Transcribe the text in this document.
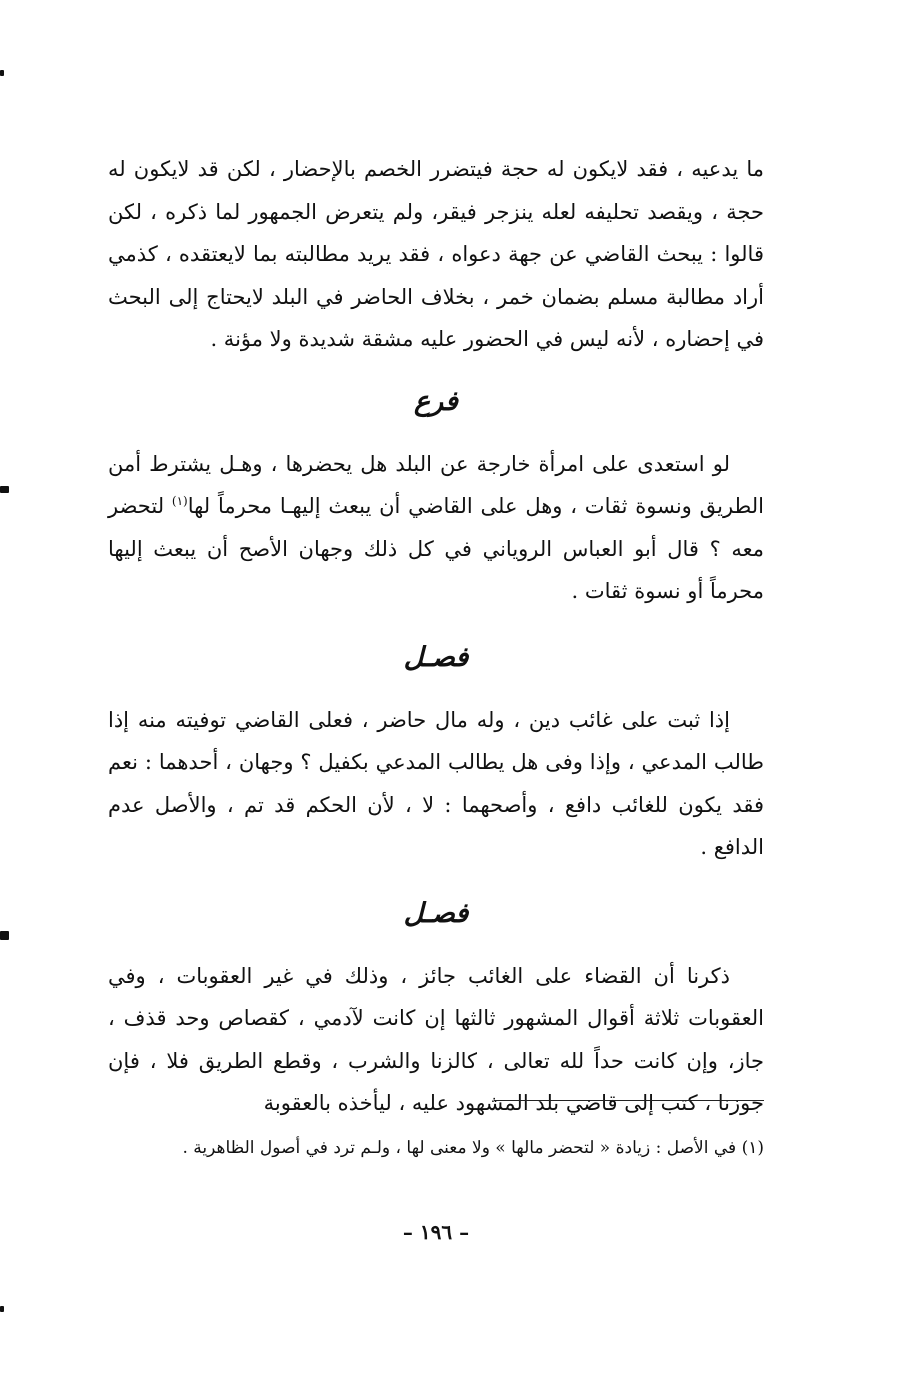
ما يدعيه ، فقد لايكون له حجة فيتضرر الخصم بالإحضار ، لكن قد لايكون له حجة ، ويقصد تحليفه لعله ينزجر فيقر، ولم يتعرض الجمهور لما ذكره ، لكن قالوا : يبحث القاضي عن جهة دعواه ، فقد يريد مطالبته بما لايعتقده ، كذمي أراد مطالبة مسلم بضمان خمر ، بخلاف الحاضر في البلد لايحتاج إلى البحث في إحضاره ، لأنه ليس في الحضور عليه مشقة شديدة ولا مؤنة .

فرع

لو استعدى على امرأة خارجة عن البلد هل يحضرها ، وهـل يشترط أمن الطريق ونسوة ثقات ، وهل على القاضي أن يبعث إليهـا محرماً لها$^{(١)}$ لتحضر معه ؟ قال أبو العباس الروياني في كل ذلك وجهان الأصح أن يبعث إليها محرماً أو نسوة ثقات .

فصـل

إذا ثبت على غائب دين ، وله مال حاضر ، فعلى القاضي توفيته منه إذا طالب المدعي ، وإذا وفى هل يطالب المدعي بكفيل ؟ وجهان ، أحدهما : نعم فقد يكون للغائب دافع ، وأصحهما : لا ، لأن الحكم قد تم ، والأصل عدم الدافع .

فصـل

ذكرنا أن القضاء على الغائب جائز ، وذلك في غير العقوبات ، وفي العقوبات ثلاثة أقوال المشهور ثالثها إن كانت لآدمي ، كقصاص وحد قذف ، جاز، وإن كانت حداً لله تعالى ، كالزنا والشرب ، وقطع الطريق فلا ، فإن جوزنا ، كتب إلى قاضي بلد المشهود عليه ، ليأخذه بالعقوبة

(١) في الأصل : زيادة « لتحضر مالها » ولا معنى لها ، ولـم ترد في أصول الظاهرية .

– ١٩٦ –
